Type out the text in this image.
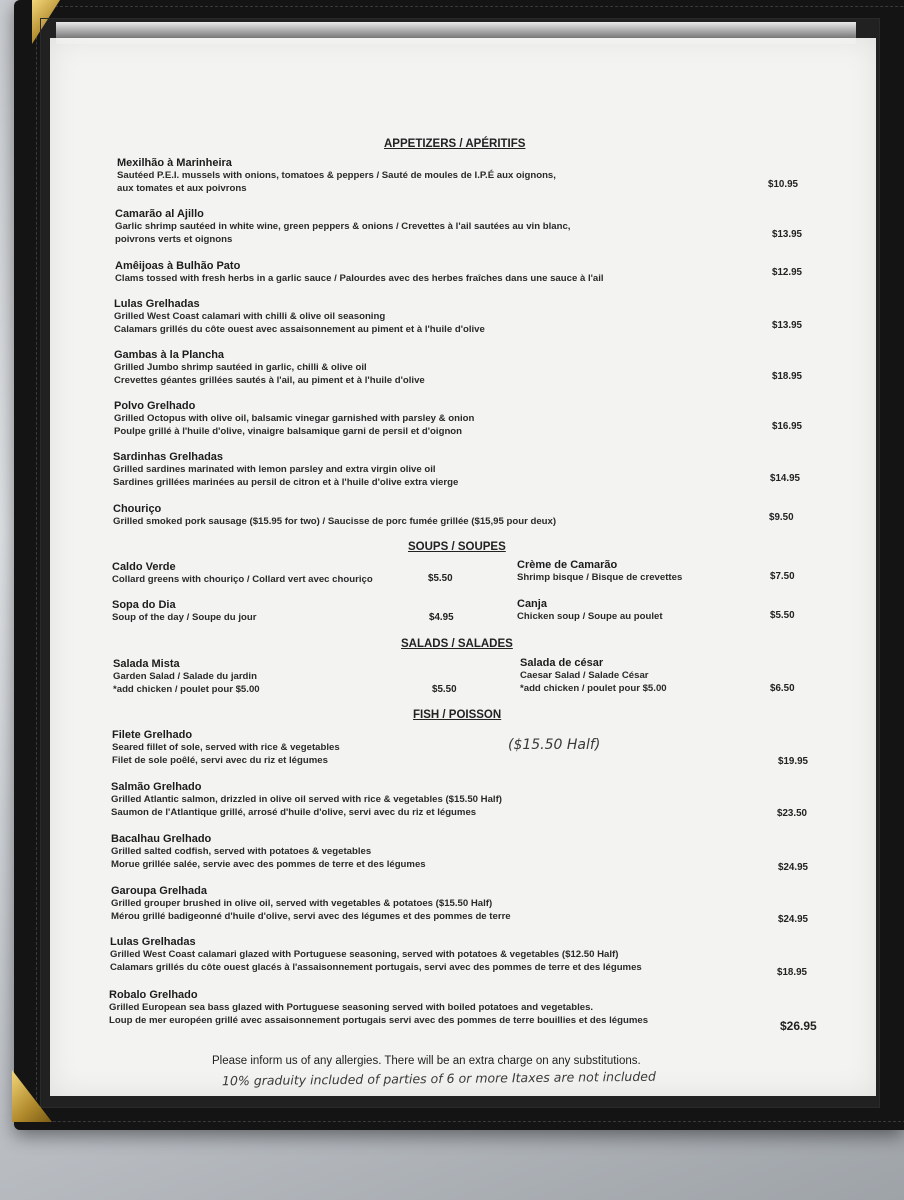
APPETIZERS / APÉRITIFS
Mexilhão à Marinheira
Sautéed P.E.I. mussels with onions, tomatoes & peppers / Sauté de moules de I.P.É aux oignons,
aux tomates et aux poivrons	$10.95
Camarão al Ajillo
Garlic shrimp sautéed in white wine, green peppers & onions / Crevettes à l'ail sautées au vin blanc,
poivrons verts et oignons	$13.95
Amêijoas à Bulhão Pato
Clams tossed with fresh herbs in a garlic sauce / Palourdes avec des herbes fraîches dans une sauce à l'ail
$12.95
Lulas Grelhadas
Grilled West Coast calamari with chilli & olive oil seasoning
Calamars grillés du côte ouest avec assaisonnement au piment et à l'huile d'olive	$13.95
Gambas à la Plancha
Grilled Jumbo shrimp sautéed in garlic, chilli & olive oil
Crevettes géantes grillées sautés à l'ail, au piment et à l'huile d'olive	$18.95
Polvo Grelhado
Grilled Octopus with olive oil, balsamic vinegar garnished with parsley & onion
Poulpe grillé à l'huile d'olive, vinaigre balsamique garni de persil et d'oignon	$16.95
Sardinhas Grelhadas
Grilled sardines marinated with lemon parsley and extra virgin olive oil
Sardines grillées marinées au persil de citron et à l'huile d'olive extra vierge	$14.95
Chouriço
Grilled smoked pork sausage ($15.95 for two) / Saucisse de porc fumée grillée ($15,95 pour deux)	$9.50
SOUPS / SOUPES
Caldo Verde
Collard greens with chouriço / Collard vert avec chouriço	$5.50
Crème de Camarão
Shrimp bisque / Bisque de crevettes	$7.50
Sopa do Dia
Soup of the day / Soupe du jour	$4.95
Canja
Chicken soup / Soupe au poulet	$5.50
SALADS / SALADES
Salada Mista
Garden Salad / Salade du jardin
*add chicken / poulet pour $5.00	$5.50
Salada de césar
Caesar Salad / Salade César
*add chicken / poulet pour $5.00	$6.50
FISH / POISSON
Filete Grelhado
Seared fillet of sole, served with rice & vegetables
Filet de sole poêlé, servi avec du riz et légumes
($15.50 Half)
$19.95
Salmão Grelhado
Grilled Atlantic salmon, drizzled in olive oil served with rice & vegetables ($15.50 Half)
Saumon de l'Atlantique grillé, arrosé d'huile d'olive, servi avec du riz et légumes	$23.50
Bacalhau Grelhado
Grilled salted codfish, served with potatoes & vegetables
Morue grillée salée, servie avec des pommes de terre et des légumes	$24.95
Garoupa Grelhada
Grilled grouper brushed in olive oil, served with vegetables & potatoes ($15.50 Half)
Mérou grillé badigeonné d'huile d'olive, servi avec des légumes et des pommes de terre	$24.95
Lulas Grelhadas
Grilled West Coast calamari glazed with Portuguese seasoning, served with potatoes & vegetables ($12.50 Half)
Calamars grillés du côte ouest glacés à l'assaisonnement portugais, servi avec des pommes de terre et des légumes	$18.95
Robalo Grelhado
Grilled European sea bass glazed with Portuguese seasoning served with boiled potatoes and vegetables.
Loup de mer européen grillé avec assaisonnement portugais servi avec des pommes de terre bouillies et des légumes	$26.95
Please inform us of any allergies. There will be an extra charge on any substitutions.
10% graduity included of parties of 6 or more Itaxes are not included
